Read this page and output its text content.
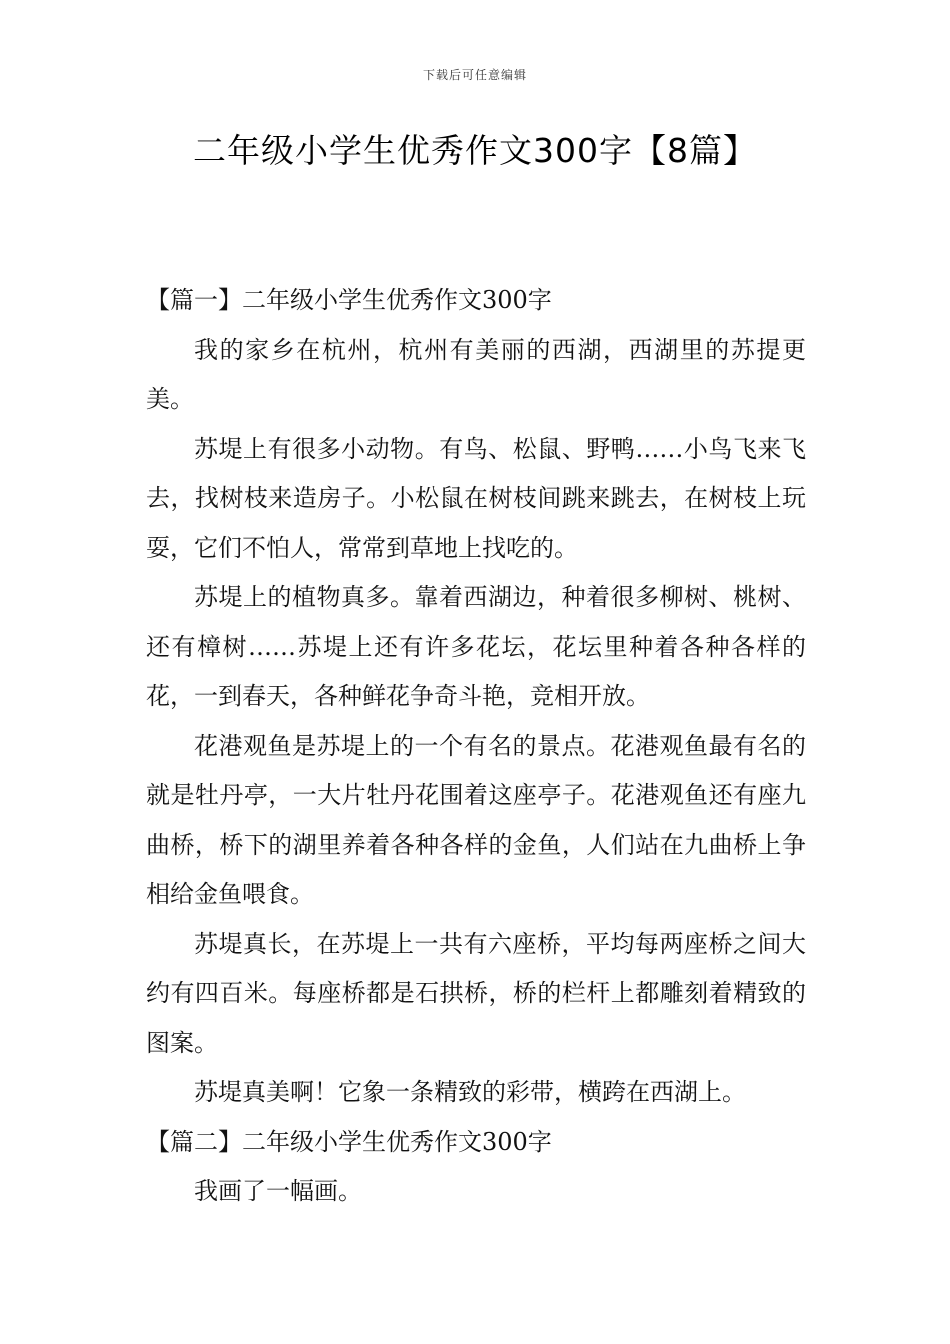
下载后可任意编辑
二年级小学生优秀作文300字【8篇】

【篇一】二年级小学生优秀作文300字

我的家乡在杭州，杭州有美丽的西湖，西湖里的苏提更美。

苏堤上有很多小动物。有鸟、松鼠、野鸭……小鸟飞来飞去，找树枝来造房子。小松鼠在树枝间跳来跳去，在树枝上玩耍，它们不怕人，常常到草地上找吃的。

苏堤上的植物真多。靠着西湖边，种着很多柳树、桃树、还有樟树……苏堤上还有许多花坛，花坛里种着各种各样的花，一到春天，各种鲜花争奇斗艳，竞相开放。

花港观鱼是苏堤上的一个有名的景点。花港观鱼最有名的就是牡丹亭，一大片牡丹花围着这座亭子。花港观鱼还有座九曲桥，桥下的湖里养着各种各样的金鱼，人们站在九曲桥上争相给金鱼喂食。

苏堤真长，在苏堤上一共有六座桥，平均每两座桥之间大约有四百米。每座桥都是石拱桥，桥的栏杆上都雕刻着精致的图案。

苏堤真美啊！它象一条精致的彩带，横跨在西湖上。

【篇二】二年级小学生优秀作文300字

我画了一幅画。
